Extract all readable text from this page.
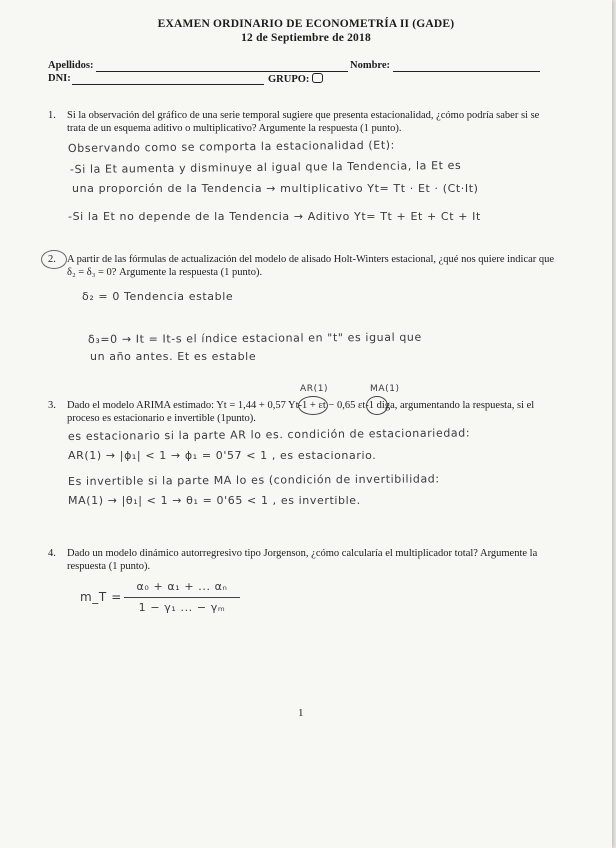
EXAMEN ORDINARIO DE ECONOMETRÍA II (GADE)
12 de Septiembre de 2018
Apellidos:	Nombre:
DNI:	GRUPO:
1. Si la observación del gráfico de una serie temporal sugiere que presenta estacionalidad, ¿cómo podría saber si se
trata de un esquema aditivo o multiplicativo? Argumente la respuesta (1 punto).
Observando como se comporta la estacionalidad (Et):
-Si la Et aumenta y disminuye al igual que la Tendencia, la Et es
una proporción de la Tendencia → multiplicativo Yt= Tt · Et · (Ct·It)
-Si la Et no depende de la Tendencia → Aditivo Yt= Tt + Et + Ct + It
2. A partir de las fórmulas de actualización del modelo de alisado Holt-Winters estacional, ¿qué nos quiere indicar que
δ₂ = δ₃ = 0? Argumente la respuesta (1 punto).
δ₂ = 0 Tendencia estable
δ₃=0 → It = It-s el índice estacional en "t" es igual que
un año antes. Et es estable
AR(1)	MA(1)
3. Dado el modelo ARIMA estimado: Yt = 1,44 + 0,57 Yt-1 + εt − 0,65 εt-1 diga, argumentando la respuesta, si el
proceso es estacionario e invertible (1punto).
es estacionario si la parte AR lo es. condición de estacionariedad:
AR(1) → |ϕ₁| < 1 → ϕ₁ = 0'57 < 1 , es estacionario.
Es invertible si la parte MA lo es (condición de invertibilidad:
MA(1) → |θ₁| < 1 → θ₁ = 0'65 < 1 , es invertible.
4. Dado un modelo dinámico autorregresivo tipo Jorgenson, ¿cómo calcularía el multiplicador total? Argumente la
respuesta (1 punto).
m_T =
α₀ + α₁ + ... αₙ
1 − γ₁ ... − γₘ
1
